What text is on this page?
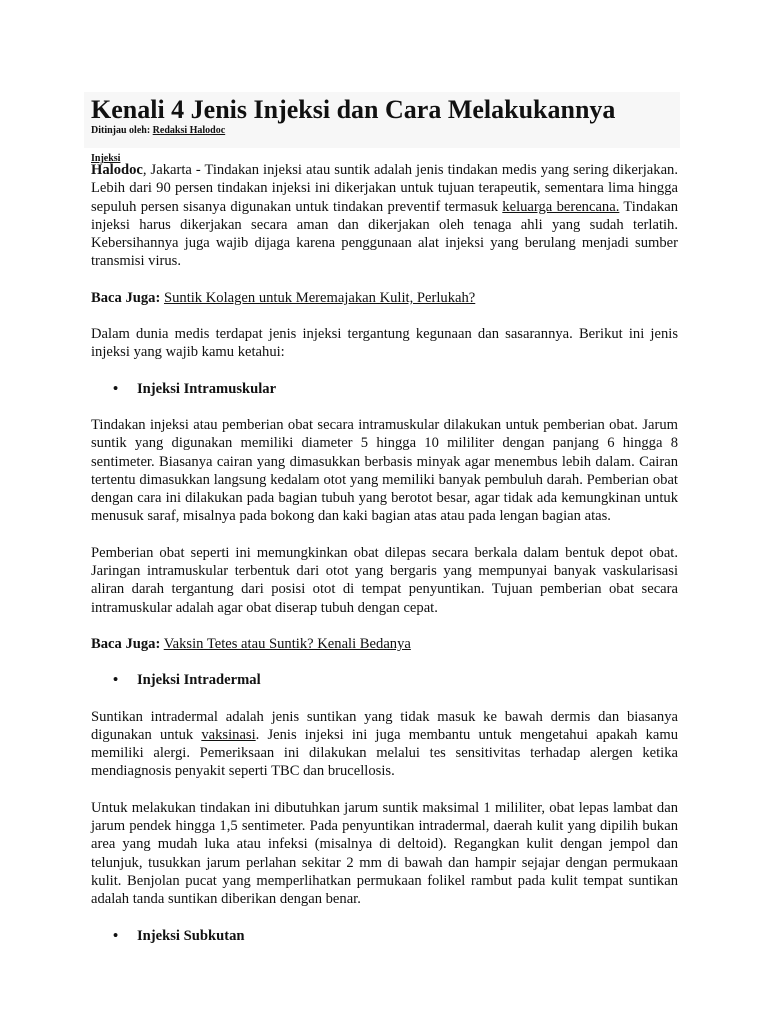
Kenali 4 Jenis Injeksi dan Cara Melakukannya
Ditinjau oleh: Redaksi Halodoc
Injeksi

Halodoc, Jakarta - Tindakan injeksi atau suntik adalah jenis tindakan medis yang sering dikerjakan. Lebih dari 90 persen tindakan injeksi ini dikerjakan untuk tujuan terapeutik, sementara lima hingga sepuluh persen sisanya digunakan untuk tindakan preventif termasuk keluarga berencana. Tindakan injeksi harus dikerjakan secara aman dan dikerjakan oleh tenaga ahli yang sudah terlatih. Kebersihannya juga wajib dijaga karena penggunaan alat injeksi yang berulang menjadi sumber transmisi virus.

Baca Juga: Suntik Kolagen untuk Meremajakan Kulit, Perlukah?

Dalam dunia medis terdapat jenis injeksi tergantung kegunaan dan sasarannya. Berikut ini jenis injeksi yang wajib kamu ketahui:

• Injeksi Intramuskular

Tindakan injeksi atau pemberian obat secara intramuskular dilakukan untuk pemberian obat. Jarum suntik yang digunakan memiliki diameter 5 hingga 10 mililiter dengan panjang 6 hingga 8 sentimeter. Biasanya cairan yang dimasukkan berbasis minyak agar menembus lebih dalam. Cairan tertentu dimasukkan langsung kedalam otot yang memiliki banyak pembuluh darah. Pemberian obat dengan cara ini dilakukan pada bagian tubuh yang berotot besar, agar tidak ada kemungkinan untuk menusuk saraf, misalnya pada bokong dan kaki bagian atas atau pada lengan bagian atas.

Pemberian obat seperti ini memungkinkan obat dilepas secara berkala dalam bentuk depot obat. Jaringan intramuskular terbentuk dari otot yang bergaris yang mempunyai banyak vaskularisasi aliran darah tergantung dari posisi otot di tempat penyuntikan. Tujuan pemberian obat secara intramuskular adalah agar obat diserap tubuh dengan cepat.

Baca Juga: Vaksin Tetes atau Suntik? Kenali Bedanya

• Injeksi Intradermal

Suntikan intradermal adalah jenis suntikan yang tidak masuk ke bawah dermis dan biasanya digunakan untuk vaksinasi. Jenis injeksi ini juga membantu untuk mengetahui apakah kamu memiliki alergi. Pemeriksaan ini dilakukan melalui tes sensitivitas terhadap alergen ketika mendiagnosis penyakit seperti TBC dan brucellosis.

Untuk melakukan tindakan ini dibutuhkan jarum suntik maksimal 1 mililiter, obat lepas lambat dan jarum pendek hingga 1,5 sentimeter. Pada penyuntikan intradermal, daerah kulit yang dipilih bukan area yang mudah luka atau infeksi (misalnya di deltoid). Regangkan kulit dengan jempol dan telunjuk, tusukkan jarum perlahan sekitar 2 mm di bawah dan hampir sejajar dengan permukaan kulit. Benjolan pucat yang memperlihatkan permukaan folikel rambut pada kulit tempat suntikan adalah tanda suntikan diberikan dengan benar.

• Injeksi Subkutan
